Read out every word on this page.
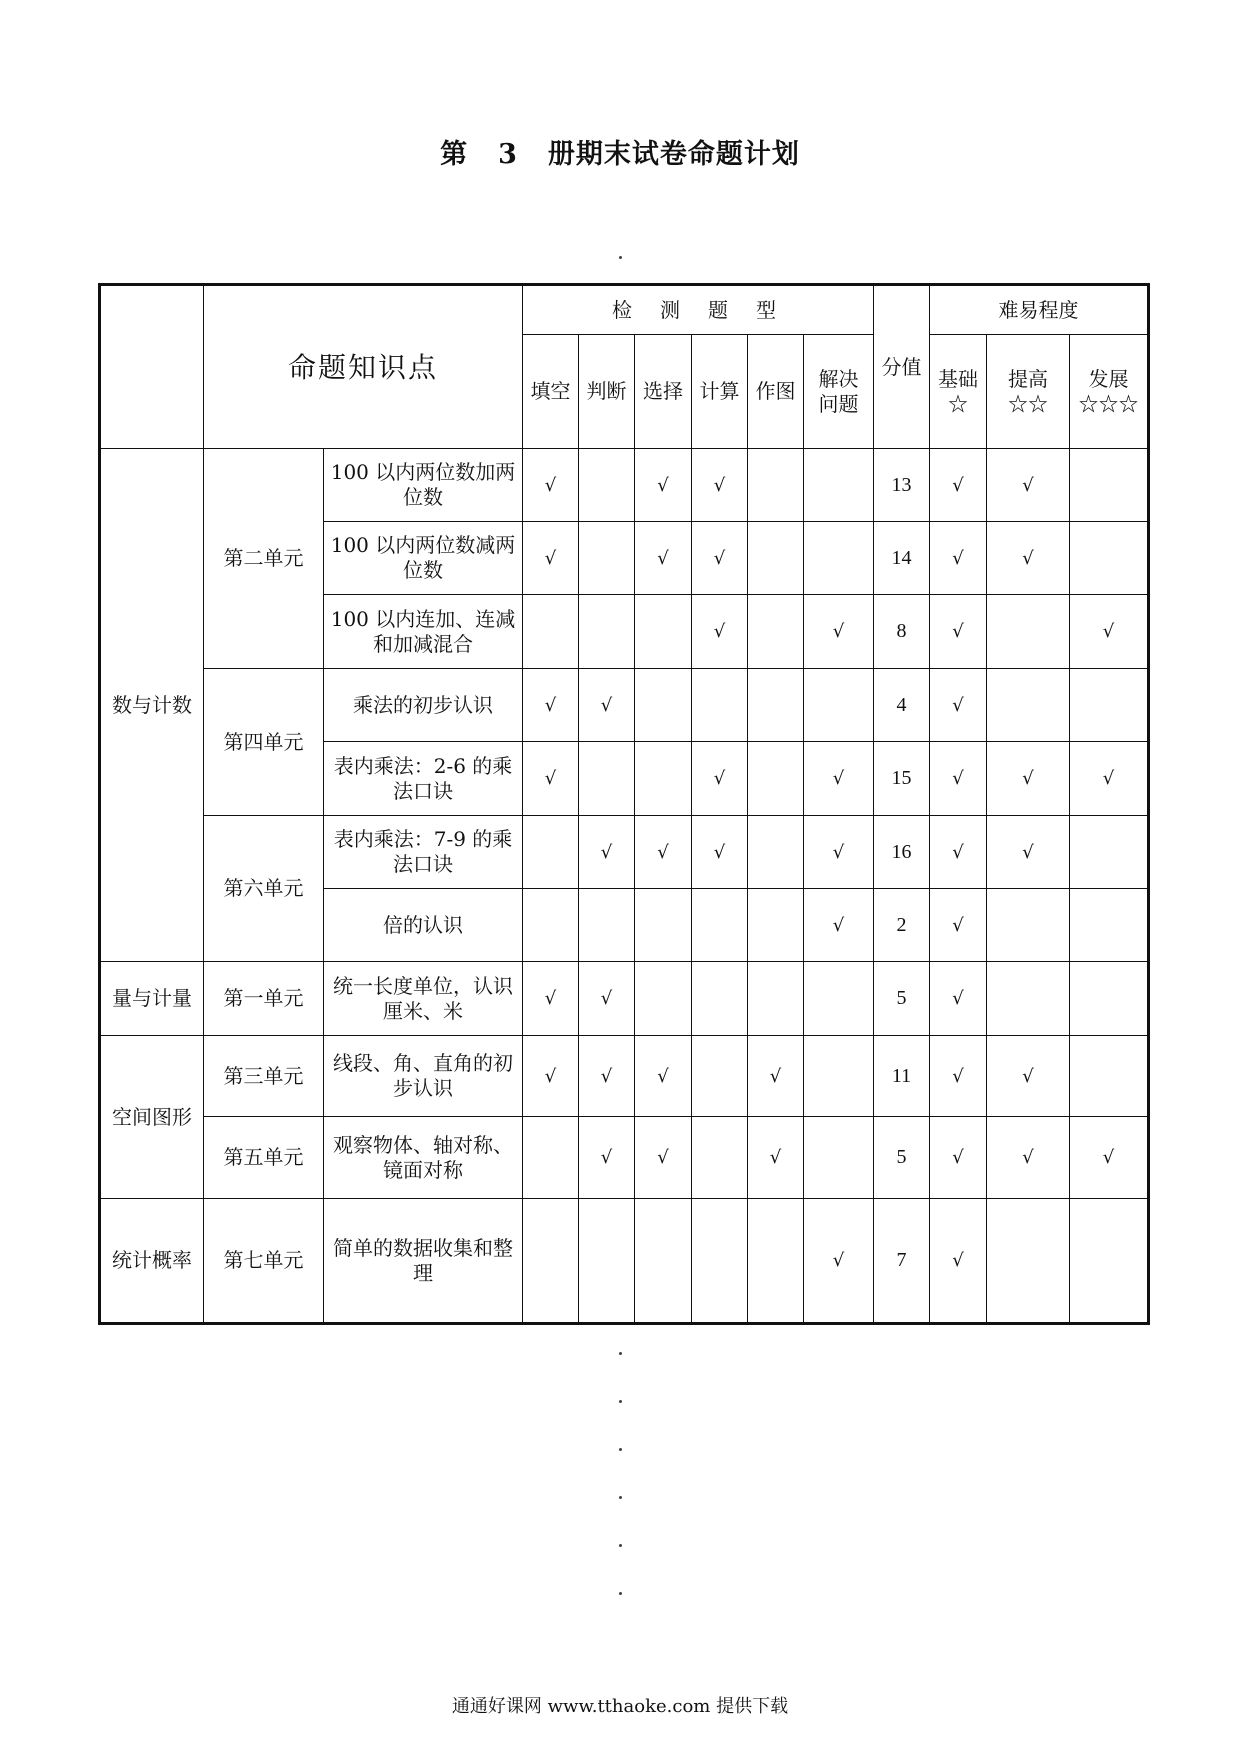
第 3 册期末试卷命题计划
	命题知识点		检测题型						分值	难易程度		
			填空	判断	选择	计算	作图	解决问题		基础☆	提高☆☆	发展☆☆☆
数与计数	第二单元	100 以内两位数加两位数	√		√	√			13	√	√	
		100 以内两位数减两位数	√		√	√			14	√	√	
		100 以内连加、连减和加减混合				√		√	8	√		√
	第四单元	乘法的初步认识	√	√					4	√		
		表内乘法：2-6 的乘法口诀	√			√		√	15	√	√	√
	第六单元	表内乘法：7-9 的乘法口诀		√	√	√		√	16	√	√	
		倍的认识						√	2	√		
量与计量	第一单元	统一长度单位，认识厘米、米	√	√					5	√		
空间图形	第三单元	线段、角、直角的初步认识	√	√	√		√		11	√	√	
	第五单元	观察物体、轴对称、镜面对称		√	√		√		5	√	√	√
统计概率	第七单元	简单的数据收集和整理						√	7	√		
通通好课网 www.tthaoke.com 提供下载
